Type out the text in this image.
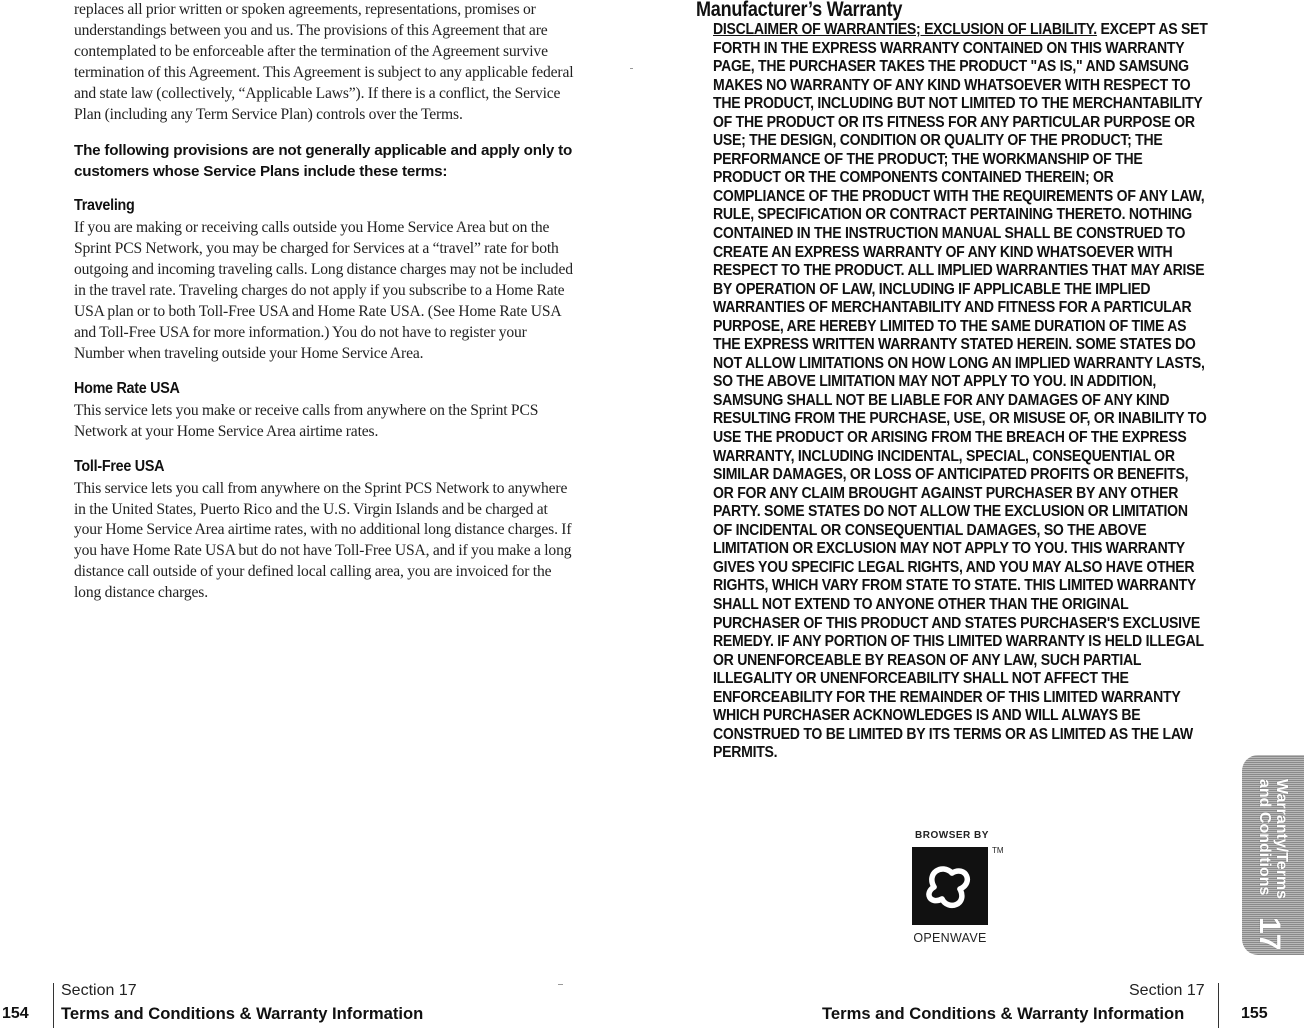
replaces all prior written or spoken agreements, representations, promises or understandings between you and us. The provisions of this Agreement that are contemplated to be enforceable after the termination of the Agreement survive termination of this Agreement. This Agreement is subject to any applicable federal and state law (collectively, “Applicable Laws”). If there is a conflict, the Service Plan (including any Term Service Plan) controls over the Terms.

The following provisions are not generally applicable and apply only to customers whose Service Plans include these terms:

Traveling

If you are making or receiving calls outside you Home Service Area but on the Sprint PCS Network, you may be charged for Services at a “travel” rate for both outgoing and incoming traveling calls. Long distance charges may not be included in the travel rate. Traveling charges do not apply if you subscribe to a Home Rate USA plan or to both Toll-Free USA and Home Rate USA. (See Home Rate USA and Toll-Free USA for more information.) You do not have to register your Number when traveling outside your Home Service Area.

Home Rate USA

This service lets you make or receive calls from anywhere on the Sprint PCS Network at your Home Service Area airtime rates.

Toll-Free USA

This service lets you call from anywhere on the Sprint PCS Network to anywhere in the United States, Puerto Rico and the U.S. Virgin Islands and be charged at your Home Service Area airtime rates, with no additional long distance charges. If you have Home Rate USA but do not have Toll-Free USA, and if you make a long distance call outside of your defined local calling area, you are invoiced for the long distance charges.

154
Section 17
Terms and Conditions & Warranty Information
Manufacturer’s Warranty

DISCLAIMER OF WARRANTIES; EXCLUSION OF LIABILITY. EXCEPT AS SET FORTH IN THE EXPRESS WARRANTY CONTAINED ON THIS WARRANTY PAGE, THE PURCHASER TAKES THE PRODUCT "AS IS," AND SAMSUNG MAKES NO WARRANTY OF ANY KIND WHATSOEVER WITH RESPECT TO THE PRODUCT, INCLUDING BUT NOT LIMITED TO THE MERCHANTABILITY OF THE PRODUCT OR ITS FITNESS FOR ANY PARTICULAR PURPOSE OR USE; THE DESIGN, CONDITION OR QUALITY OF THE PRODUCT; THE PERFORMANCE OF THE PRODUCT; THE WORKMANSHIP OF THE PRODUCT OR THE COMPONENTS CONTAINED THEREIN; OR COMPLIANCE OF THE PRODUCT WITH THE REQUIREMENTS OF ANY LAW, RULE, SPECIFICATION OR CONTRACT PERTAINING THERETO. NOTHING CONTAINED IN THE INSTRUCTION MANUAL SHALL BE CONSTRUED TO CREATE AN EXPRESS WARRANTY OF ANY KIND WHATSOEVER WITH RESPECT TO THE PRODUCT. ALL IMPLIED WARRANTIES THAT MAY ARISE BY OPERATION OF LAW, INCLUDING IF APPLICABLE THE IMPLIED WARRANTIES OF MERCHANTABILITY AND FITNESS FOR A PARTICULAR PURPOSE, ARE HEREBY LIMITED TO THE SAME DURATION OF TIME AS THE EXPRESS WRITTEN WARRANTY STATED HEREIN. SOME STATES DO NOT ALLOW LIMITATIONS ON HOW LONG AN IMPLIED WARRANTY LASTS, SO THE ABOVE LIMITATION MAY NOT APPLY TO YOU. IN ADDITION, SAMSUNG SHALL NOT BE LIABLE FOR ANY DAMAGES OF ANY KIND RESULTING FROM THE PURCHASE, USE, OR MISUSE OF, OR INABILITY TO USE THE PRODUCT OR ARISING FROM THE BREACH OF THE EXPRESS WARRANTY, INCLUDING INCIDENTAL, SPECIAL, CONSEQUENTIAL OR SIMILAR DAMAGES, OR LOSS OF ANTICIPATED PROFITS OR BENEFITS, OR FOR ANY CLAIM BROUGHT AGAINST PURCHASER BY ANY OTHER PARTY. SOME STATES DO NOT ALLOW THE EXCLUSION OR LIMITATION OF INCIDENTAL OR CONSEQUENTIAL DAMAGES, SO THE ABOVE LIMITATION OR EXCLUSION MAY NOT APPLY TO YOU. THIS WARRANTY GIVES YOU SPECIFIC LEGAL RIGHTS, AND YOU MAY ALSO HAVE OTHER RIGHTS, WHICH VARY FROM STATE TO STATE. THIS LIMITED WARRANTY SHALL NOT EXTEND TO ANYONE OTHER THAN THE ORIGINAL PURCHASER OF THIS PRODUCT AND STATES PURCHASER'S EXCLUSIVE REMEDY. IF ANY PORTION OF THIS LIMITED WARRANTY IS HELD ILLEGAL OR UNENFORCEABLE BY REASON OF ANY LAW, SUCH PARTIAL ILLEGALITY OR UNENFORCEABILITY SHALL NOT AFFECT THE ENFORCEABILITY FOR THE REMAINDER OF THIS LIMITED WARRANTY WHICH PURCHASER ACKNOWLEDGES IS AND WILL ALWAYS BE CONSTRUED TO BE LIMITED BY ITS TERMS OR AS LIMITED AS THE LAW PERMITS.

BROWSER BY
TM
OPENWAVE
Warranty/Terms
and Conditions
17
Section 17
Terms and Conditions & Warranty Information	155
